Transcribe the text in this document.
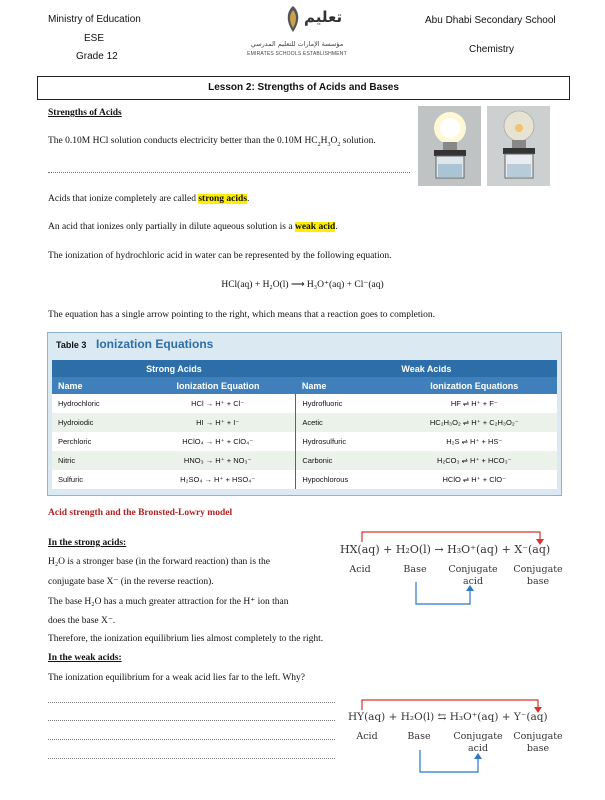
Ministry of Education
ESE
Grade 12
Abu Dhabi Secondary School
Chemistry
تعليم
مؤسسة الإمارات للتعليم المدرسي
EMIRATES SCHOOLS ESTABLISHMENT
Lesson 2: Strengths of Acids and Bases
Strengths of Acids
The 0.10M HCl solution conducts electricity better than the 0.10M $HC_2H_3O_2$ solution.
Acids that ionize completely are called strong acids.
An acid that ionizes only partially in dilute aqueous solution is a weak acid.
The ionization of hydrochloric acid in water can be represented by the following equation.
HCl(aq) + H₂O(l) ⟶ H₃O⁺(aq) + Cl⁻(aq)
The equation has a single arrow pointing to the right, which means that a reaction goes to completion.
Table 3 Ionization Equations
Strong Acids		Weak Acids	
Name	Ionization Equation	Name	Ionization Equations
Hydrochloric	HCl → H⁺ + Cl⁻	Hydrofluoric	HF ⇌ H⁺ + F⁻
Hydroiodic	HI → H⁺ + I⁻	Acetic	HC₂H₃O₂ ⇌ H⁺ + C₂H₃O₂⁻
Perchloric	HClO₄ → H⁺ + ClO₄⁻	Hydrosulfuric	H₂S ⇌ H⁺ + HS⁻
Nitric	HNO₃ → H⁺ + NO₃⁻	Carbonic	H₂CO₃ ⇌ H⁺ + HCO₃⁻
Sulfuric	H₂SO₄ → H⁺ + HSO₄⁻	Hypochlorous	HClO ⇌ H⁺ + ClO⁻
Acid strength and the Bronsted-Lowry model
In the strong acids:
H₂O is a stronger base (in the forward reaction) than is the
conjugate base X⁻ (in the reverse reaction).
The base H₂O has a much greater attraction for the H⁺ ion than
does the base X⁻.
Therefore, the ionization equilibrium lies almost completely to the right.
In the weak acids:
The ionization equilibrium for a weak acid lies far to the left. Why?
HX(aq) + H₂O(l) → H₃O⁺(aq) + X⁻(aq)
Acid	Base	Conjugate
acid
Conjugate
base
HY(aq) + H₂O(l) ⇆ H₃O⁺(aq) + Y⁻(aq)
Acid	Base	Conjugate
acid
Conjugate
base
